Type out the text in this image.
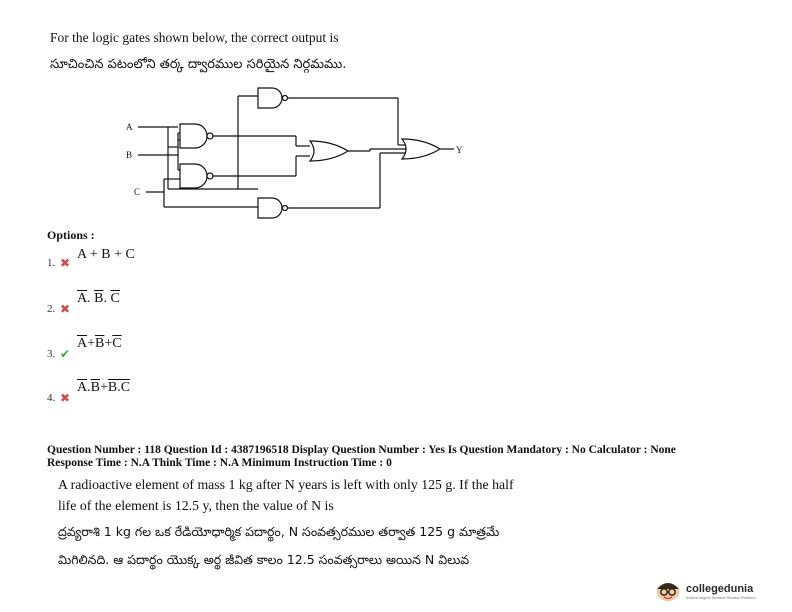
For the logic gates shown below, the correct output is
సూచించిన పటంలోని తర్క ద్వారముల సరియైన నిర్గమము.
A
B
C
Y
Options :
A + B + C
1. ✖
$\overline{A}$. $\overline{B}$. $\overline{C}$
2. ✖
$\overline{A}+\overline{B}+\overline{C}$
3. ✔
$\overline{A}.\overline{B}+B.C$
4. ✖
Question Number : 118 Question Id : 4387196518 Display Question Number : Yes Is Question Mandatory : No Calculator : None
Response Time : N.A Think Time : N.A Minimum Instruction Time : 0
A radioactive element of mass 1 kg after N years is left with only 125 g. If the half
life of the element is 12.5 y, then the value of N is
ద్రవ్యరాశి 1 kg గల ఒక రేడియోధార్మిక పదార్థం, N సంవత్సరముల తర్వాత 125 g మాత్రమే
మిగిలినది. ఆ పదార్థం యొక్క అర్థ జీవిత కాలం 12.5 సంవత్సరాలు అయిన N విలువ
collegedunia
India's largest Student Review Platform
